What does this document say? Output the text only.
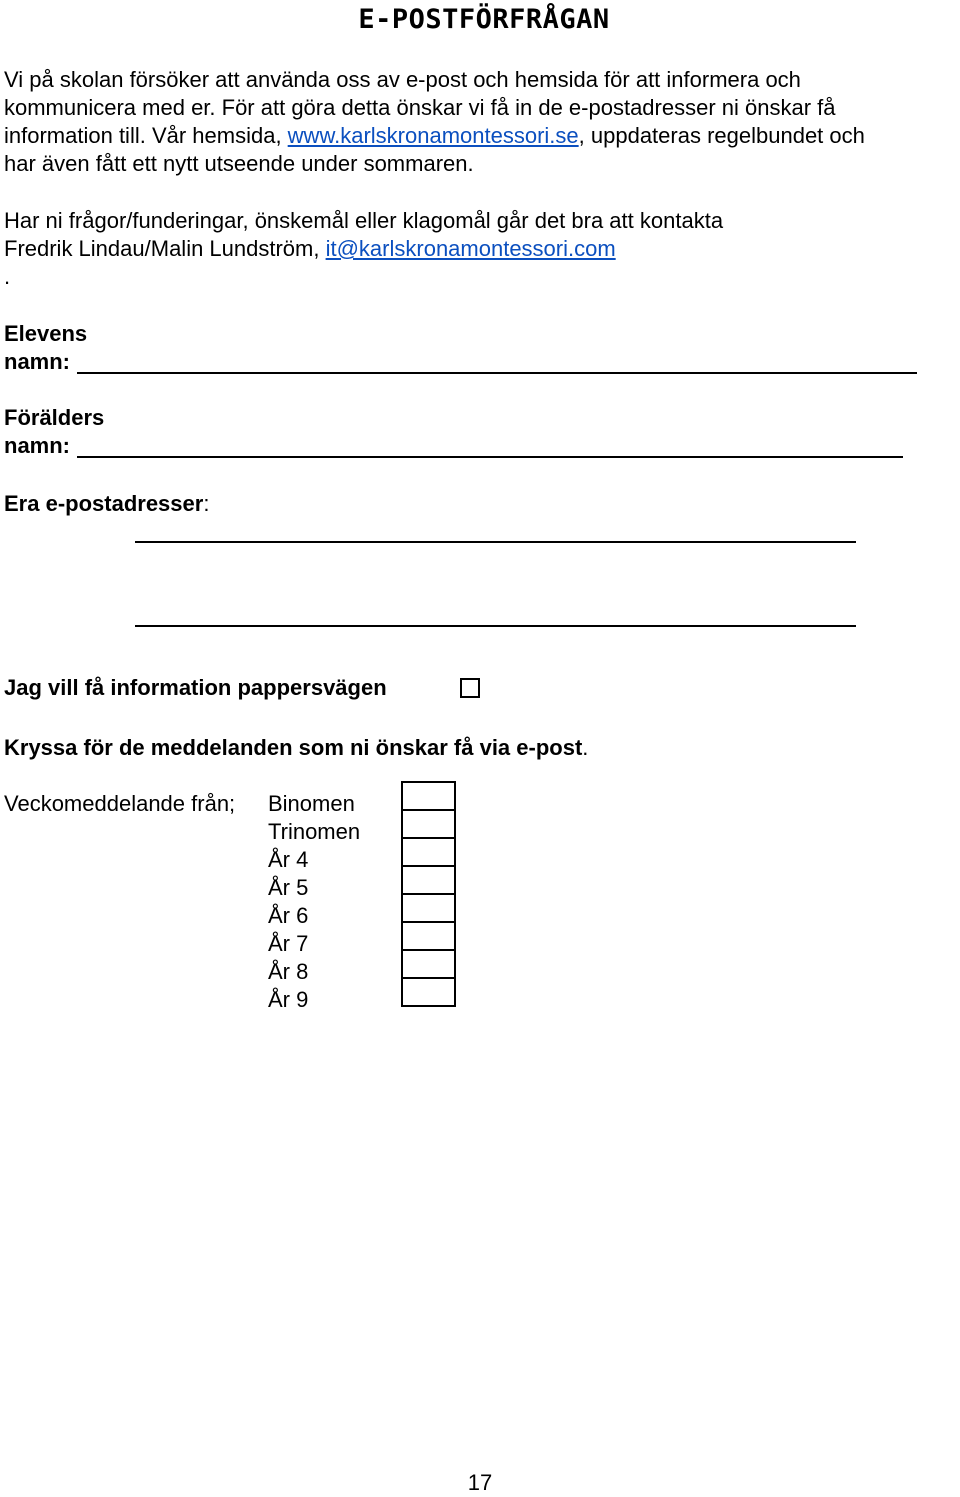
E-POSTFÖRFRÅGAN
Vi på skolan försöker att använda oss av e-post och hemsida för att informera och
kommunicera med er. För att göra detta önskar vi få in de e-postadresser ni önskar få
information till. Vår hemsida, www.karlskronamontessori.se, uppdateras regelbundet och
har även fått ett nytt utseende under sommaren.
Har ni frågor/funderingar, önskemål eller klagomål går det bra att kontakta
Fredrik Lindau/Malin Lundström, it@karlskronamontessori.com
.
Elevens
namn:
Förälders
namn:
Era e-postadresser:
Jag vill få information pappersvägen
Kryssa för de meddelanden som ni önskar få via e-post.
Veckomeddelande från; Binomen
Trinomen
År 4
År 5
År 6
År 7
År 8
År 9

17
